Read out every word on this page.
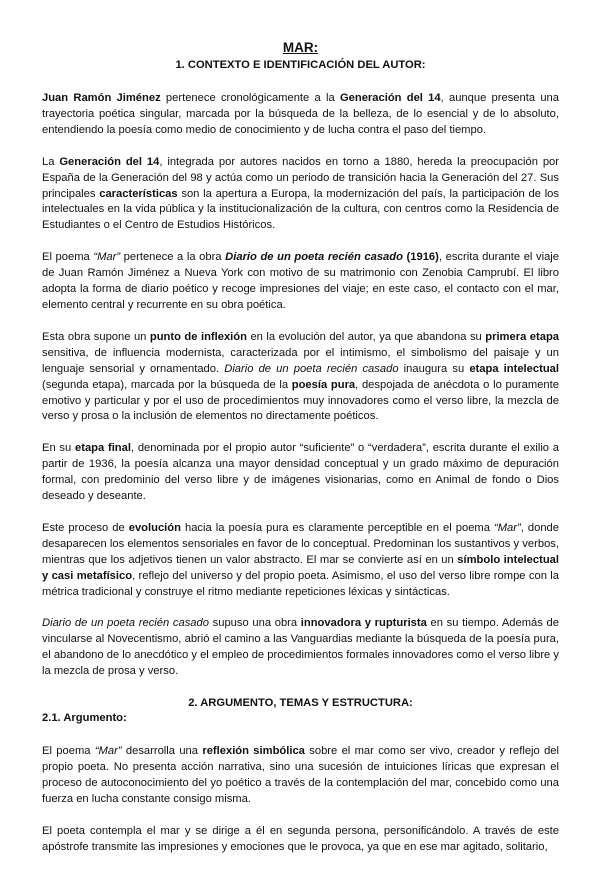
MAR:
1. CONTEXTO E IDENTIFICACIÓN DEL AUTOR:

Juan Ramón Jiménez pertenece cronológicamente a la Generación del 14, aunque presenta una trayectoria poética singular, marcada por la búsqueda de la belleza, de lo esencial y de lo absoluto, entendiendo la poesía como medio de conocimiento y de lucha contra el paso del tiempo.

La Generación del 14, integrada por autores nacidos en torno a 1880, hereda la preocupación por España de la Generación del 98 y actúa como un periodo de transición hacia la Generación del 27. Sus principales características son la apertura a Europa, la modernización del país, la participación de los intelectuales en la vida pública y la institucionalización de la cultura, con centros como la Residencia de Estudiantes o el Centro de Estudios Históricos.

El poema “Mar” pertenece a la obra Diario de un poeta recién casado (1916), escrita durante el viaje de Juan Ramón Jiménez a Nueva York con motivo de su matrimonio con Zenobia Camprubí. El libro adopta la forma de diario poético y recoge impresiones del viaje; en este caso, el contacto con el mar, elemento central y recurrente en su obra poética.

Esta obra supone un punto de inflexión en la evolución del autor, ya que abandona su primera etapa sensitiva, de influencia modernista, caracterizada por el intimismo, el simbolismo del paisaje y un lenguaje sensorial y ornamentado. Diario de un poeta recién casado inaugura su etapa intelectual (segunda etapa), marcada por la búsqueda de la poesía pura, despojada de anécdota o lo puramente emotivo y particular y por el uso de procedimientos muy innovadores como el verso libre, la mezcla de verso y prosa o la inclusión de elementos no directamente poéticos.

En su etapa final, denominada por el propio autor “suficiente” o “verdadera”, escrita durante el exilio a partir de 1936, la poesía alcanza una mayor densidad conceptual y un grado máximo de depuración formal, con predominio del verso libre y de imágenes visionarias, como en Animal de fondo o Dios deseado y deseante.

Este proceso de evolución hacia la poesía pura es claramente perceptible en el poema “Mar”, donde desaparecen los elementos sensoriales en favor de lo conceptual. Predominan los sustantivos y verbos, mientras que los adjetivos tienen un valor abstracto. El mar se convierte así en un símbolo intelectual y casi metafísico, reflejo del universo y del propio poeta. Asimismo, el uso del verso libre rompe con la métrica tradicional y construye el ritmo mediante repeticiones léxicas y sintácticas.

Diario de un poeta recién casado supuso una obra innovadora y rupturista en su tiempo. Además de vincularse al Novecentismo, abrió el camino a las Vanguardias mediante la búsqueda de la poesía pura, el abandono de lo anecdótico y el empleo de procedimientos formales innovadores como el verso libre y la mezcla de prosa y verso.

2. ARGUMENTO, TEMAS Y ESTRUCTURA:
2.1. Argumento:

El poema “Mar” desarrolla una reflexión simbólica sobre el mar como ser vivo, creador y reflejo del propio poeta. No presenta acción narrativa, sino una sucesión de intuiciones líricas que expresan el proceso de autoconocimiento del yo poético a través de la contemplación del mar, concebido como una fuerza en lucha constante consigo misma.

El poeta contempla el mar y se dirige a él en segunda persona, personificándolo. A través de este apóstrofe transmite las impresiones y emociones que le provoca, ya que en ese mar agitado, solitario,
